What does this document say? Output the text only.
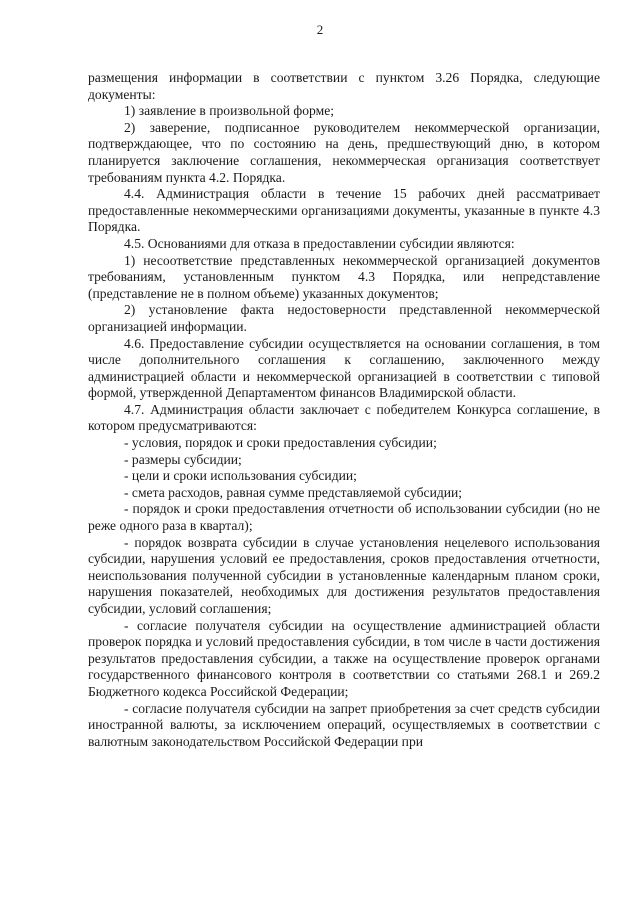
2

размещения информации в соответствии с пунктом 3.26 Порядка, следующие документы:

1) заявление в произвольной форме;

2) заверение, подписанное руководителем некоммерческой организации, подтверждающее, что по состоянию на день, предшествующий дню, в котором планируется заключение соглашения, некоммерческая организация соответствует требованиям пункта 4.2. Порядка.

4.4. Администрация области в течение 15 рабочих дней рассматривает предоставленные некоммерческими организациями документы, указанные в пункте 4.3 Порядка.

4.5. Основаниями для отказа в предоставлении субсидии являются:

1) несоответствие представленных некоммерческой организацией документов требованиям, установленным пунктом 4.3 Порядка, или непредставление (представление не в полном объеме) указанных документов;

2) установление факта недостоверности представленной некоммерческой организацией информации.

4.6. Предоставление субсидии осуществляется на основании соглашения, в том числе дополнительного соглашения к соглашению, заключенного между администрацией области и некоммерческой организацией в соответствии с типовой формой, утвержденной Департаментом финансов Владимирской области.

4.7. Администрация области заключает с победителем Конкурса соглашение, в котором предусматриваются:

- условия, порядок и сроки предоставления субсидии;

- размеры субсидии;

- цели и сроки использования субсидии;

- смета расходов, равная сумме представляемой субсидии;

- порядок и сроки предоставления отчетности об использовании субсидии (но не реже одного раза в квартал);

- порядок возврата субсидии в случае установления нецелевого использования субсидии, нарушения условий ее предоставления, сроков предоставления отчетности, неиспользования полученной субсидии в установленные календарным планом сроки, нарушения показателей, необходимых для достижения результатов предоставления субсидии, условий соглашения;

- согласие получателя субсидии на осуществление администрацией области проверок порядка и условий предоставления субсидии, в том числе в части достижения результатов предоставления субсидии, а также на осуществление проверок органами государственного финансового контроля в соответствии со статьями 268.1 и 269.2 Бюджетного кодекса Российской Федерации;

- согласие получателя субсидии на запрет приобретения за счет средств субсидии иностранной валюты, за исключением операций, осуществляемых в соответствии с валютным законодательством Российской Федерации при
